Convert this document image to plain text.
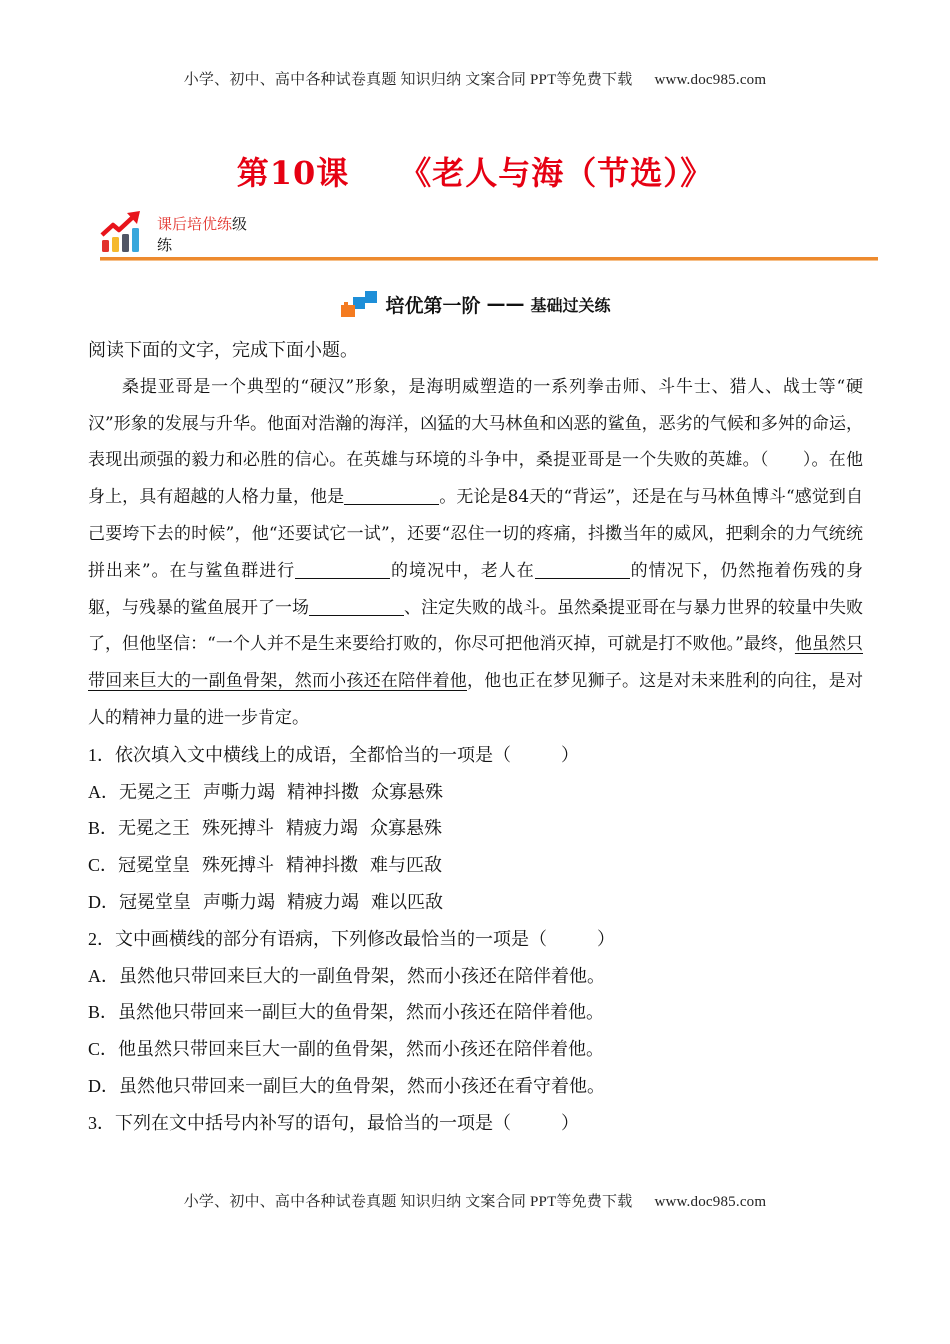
小学、初中、高中各种试卷真题 知识归纳 文案合同 PPT等免费下载 www.doc985.com
第10课 《老人与海（节选）》
课后培优练级
练
培优第一阶 —— 基础过关练

阅读下面的文字，完成下面小题。

桑提亚哥是一个典型的“硬汉”形象，是海明威塑造的一系列拳击师、斗牛士、猎人、战士等“硬汉”形象的发展与升华。他面对浩瀚的海洋，凶猛的大马林鱼和凶恶的鲨鱼，恶劣的气候和多舛的命运，表现出顽强的毅力和必胜的信心。在英雄与环境的斗争中，桑提亚哥是一个失败的英雄。（ ）。在他身上，具有超越的人格力量，他是	。无论是84天的“背运”，还是在与马林鱼博斗“感觉到自己要垮下去的时候”，他“还要试它一试”，还要“忍住一切的疼痛，抖擞当年的威风，把剩余的力气统统拼出来”。在与鲨鱼群进行	的境况中，老人在	的情况下，仍然拖着伤残的身躯，与残暴的鲨鱼展开了一场	、注定失败的战斗。虽然桑提亚哥在与暴力世界的较量中失败了，但他坚信：“一个人并不是生来要给打败的，你尽可把他消灭掉，可就是打不败他。”最终，他虽然只带回来巨大的一副鱼骨架，然而小孩还在陪伴着他，他也正在梦见狮子。这是对未来胜利的向往，是对人的精神力量的进一步肯定。

1．依次填入文中横线上的成语，全都恰当的一项是（	）

A．无冕之王 声嘶力竭 精神抖擞 众寡悬殊

B．无冕之王 殊死搏斗 精疲力竭 众寡悬殊

C．冠冕堂皇 殊死搏斗 精神抖擞 难与匹敌

D．冠冕堂皇 声嘶力竭 精疲力竭 难以匹敌

2．文中画横线的部分有语病，下列修改最恰当的一项是（	）

A．虽然他只带回来巨大的一副鱼骨架，然而小孩还在陪伴着他。

B．虽然他只带回来一副巨大的鱼骨架，然而小孩还在陪伴着他。

C．他虽然只带回来巨大一副的鱼骨架，然而小孩还在陪伴着他。

D．虽然他只带回来一副巨大的鱼骨架，然而小孩还在看守着他。

3．下列在文中括号内补写的语句，最恰当的一项是（	）

小学、初中、高中各种试卷真题 知识归纳 文案合同 PPT等免费下载 www.doc985.com
